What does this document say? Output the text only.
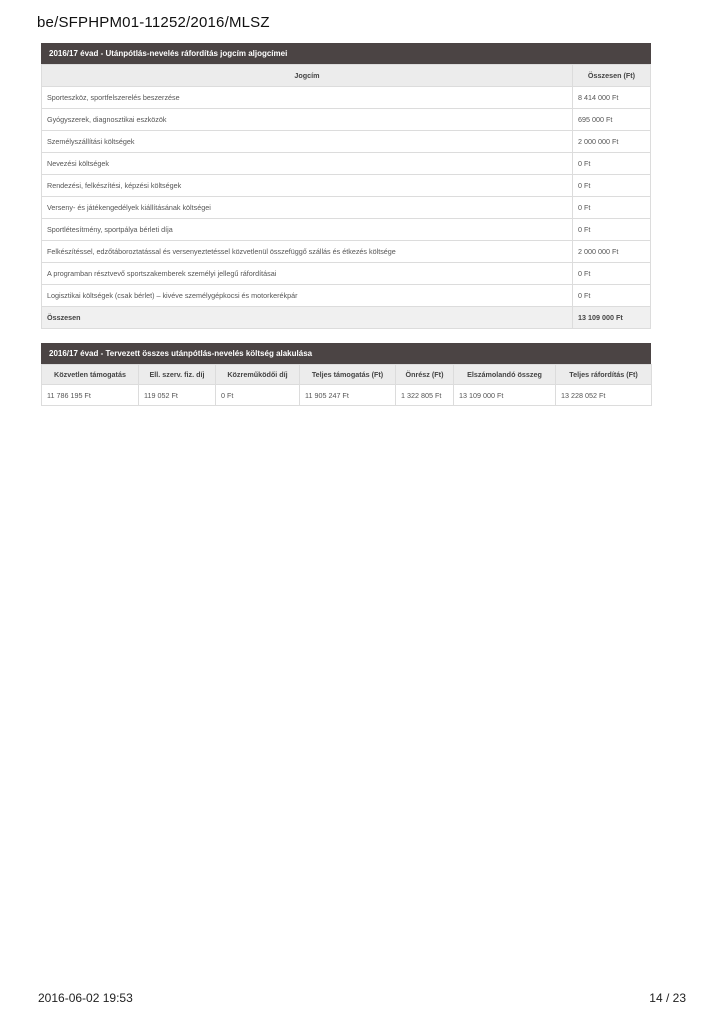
be/SFPHPM01-11252/2016/MLSZ
2016/17 évad - Utánpótlás-nevelés ráfordítás jogcím aljogcímei
Jogcím	Összesen (Ft)
Sporteszköz, sportfelszerelés beszerzése	8 414 000 Ft
Gyógyszerek, diagnosztikai eszközök	695 000 Ft
Személyszállítási költségek	2 000 000 Ft
Nevezési költségek	0 Ft
Rendezési, felkészítési, képzési költségek	0 Ft
Verseny- és játékengedélyek kiállításának költségei	0 Ft
Sportlétesítmény, sportpálya bérleti díja	0 Ft
Felkészítéssel, edzőtáboroztatással és versenyeztetéssel közvetlenül összefüggő szállás és étkezés költsége	2 000 000 Ft
A programban résztvevő sportszakemberek személyi jellegű ráfordításai	0 Ft
Logisztikai költségek (csak bérlet) – kivéve személygépkocsi és motorkerékpár	0 Ft
Összesen	13 109 000 Ft
2016/17 évad - Tervezett összes utánpótlás-nevelés költség alakulása
Közvetlen támogatás	Ell. szerv. fiz. díj	Közreműködői díj	Teljes támogatás (Ft)	Önrész (Ft)	Elszámolandó összeg	Teljes ráfordítás (Ft)
11 786 195 Ft	119 052 Ft	0 Ft	11 905 247 Ft	1 322 805 Ft	13 109 000 Ft	13 228 052 Ft
2016-06-02 19:53	14 / 23
